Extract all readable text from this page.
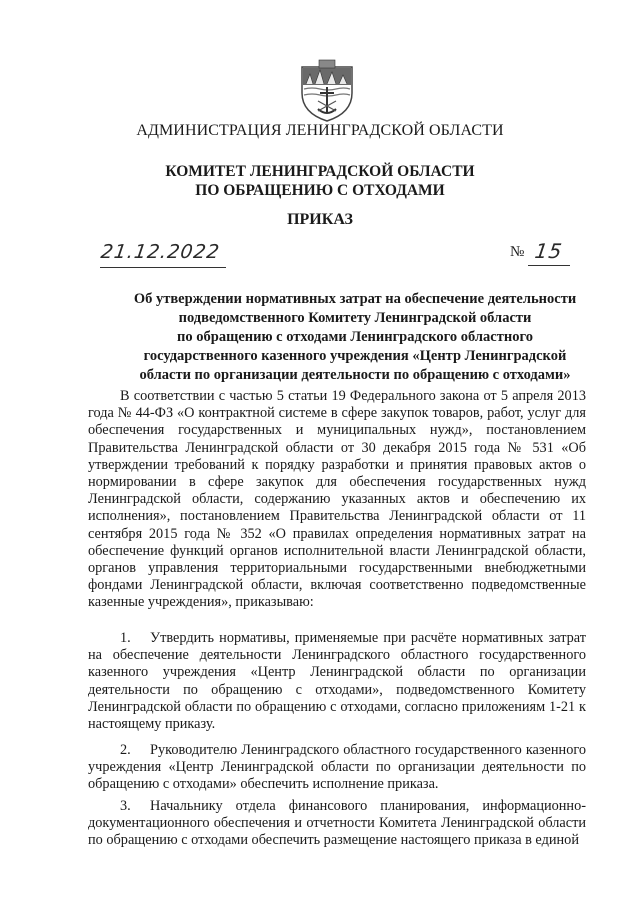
АДМИНИСТРАЦИЯ ЛЕНИНГРАДСКОЙ ОБЛАСТИ
КОМИТЕТ ЛЕНИНГРАДСКОЙ ОБЛАСТИ
ПО ОБРАЩЕНИЮ С ОТХОДАМИ
ПРИКАЗ
21.12.2022	№ 15
Об утверждении нормативных затрат на обеспечение деятельности
подведомственного Комитету Ленинградской области
по обращению с отходами Ленинградского областного
государственного казенного учреждения «Центр Ленинградской
области по организации деятельности по обращению с отходами»
В соответствии с частью 5 статьи 19 Федерального закона от 5 апреля 2013 года № 44-ФЗ «О контрактной системе в сфере закупок товаров, работ, услуг для обеспечения государственных и муниципальных нужд», постановлением Правительства Ленинградской области от 30 декабря 2015 года № 531 «Об утверждении требований к порядку разработки и принятия правовых актов о нормировании в сфере закупок для обеспечения государственных нужд Ленинградской области, содержанию указанных актов и обеспечению их исполнения», постановлением Правительства Ленинградской области от 11 сентября 2015 года № 352 «О правилах определения нормативных затрат на обеспечение функций органов исполнительной власти Ленинградской области, органов управления территориальными государственными внебюджетными фондами Ленинградской области, включая соответственно подведомственные казенные учреждения», приказываю:
1. Утвердить нормативы, применяемые при расчёте нормативных затрат на обеспечение деятельности Ленинградского областного государственного казенного учреждения «Центр Ленинградской области по организации деятельности по обращению с отходами», подведомственного Комитету Ленинградской области по обращению с отходами, согласно приложениям 1-21 к настоящему приказу.
2. Руководителю Ленинградского областного государственного казенного учреждения «Центр Ленинградской области по организации деятельности по обращению с отходами» обеспечить исполнение приказа.
3. Начальнику отдела финансового планирования, информационно-документационного обеспечения и отчетности Комитета Ленинградской области по обращению с отходами обеспечить размещение настоящего приказа в единой
